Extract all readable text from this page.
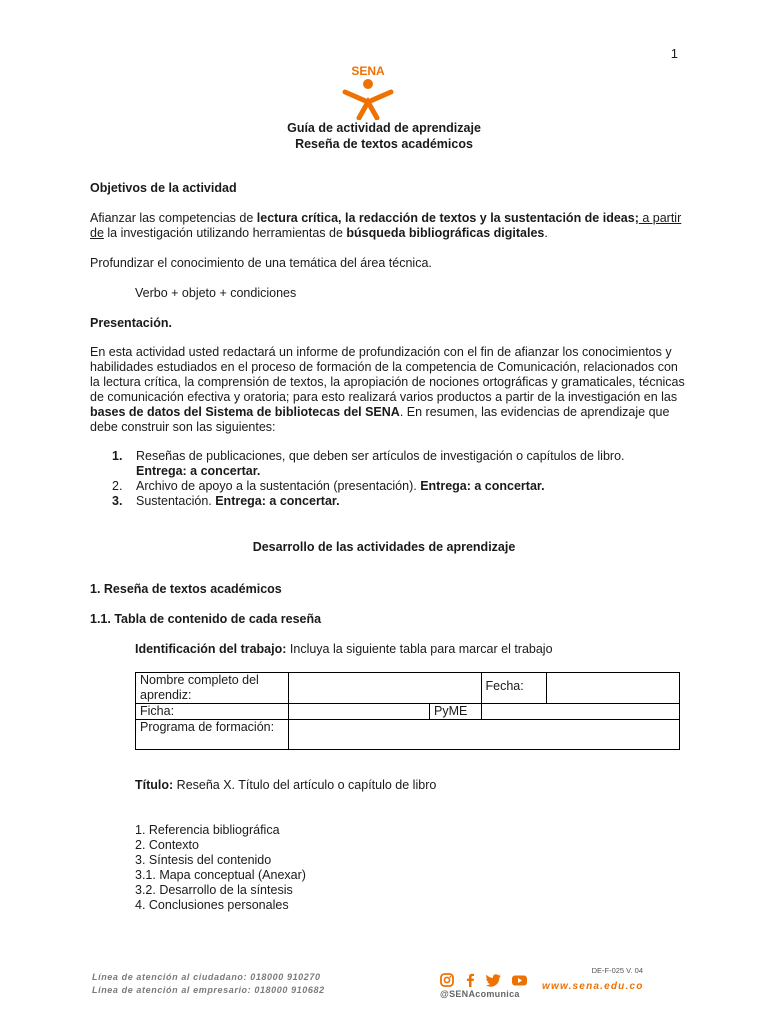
1
SENA
Guía de actividad de aprendizaje
Reseña de textos académicos
Objetivos de la actividad
Afianzar las competencias de lectura crítica, la redacción de textos y la sustentación de ideas; a partir de la investigación utilizando herramientas de búsqueda bibliográficas digitales.
Profundizar el conocimiento de una temática del área técnica.
Verbo + objeto + condiciones
Presentación.
En esta actividad usted redactará un informe de profundización con el fin de afianzar los conocimientos y habilidades estudiados en el proceso de formación de la competencia de Comunicación, relacionados con la lectura crítica, la comprensión de textos, la apropiación de nociones ortográficas y gramaticales, técnicas de comunicación efectiva y oratoria; para esto realizará varios productos a partir de la investigación en las bases de datos del Sistema de bibliotecas del SENA. En resumen, las evidencias de aprendizaje que debe construir son las siguientes:
1. Reseñas de publicaciones, que deben ser artículos de investigación o capítulos de libro.
Entrega: a concertar.
2. Archivo de apoyo a la sustentación (presentación). Entrega: a concertar.
3. Sustentación. Entrega: a concertar.
Desarrollo de las actividades de aprendizaje
1. Reseña de textos académicos
1.1. Tabla de contenido de cada reseña
Identificación del trabajo: Incluya la siguiente tabla para marcar el trabajo
Nombre completo del aprendiz:			Fecha:	
Ficha:		PyME		
Programa de formación:				
Título: Reseña X. Título del artículo o capítulo de libro
1. Referencia bibliográfica
2. Contexto
3. Síntesis del contenido
3.1. Mapa conceptual (Anexar)
3.2. Desarrollo de la síntesis
4. Conclusiones personales
Línea de atención al ciudadano: 018000 910270
Línea de atención al empresario: 018000 910682
DE-F-025 V. 04
@SENAcomunica
www.sena.edu.co
